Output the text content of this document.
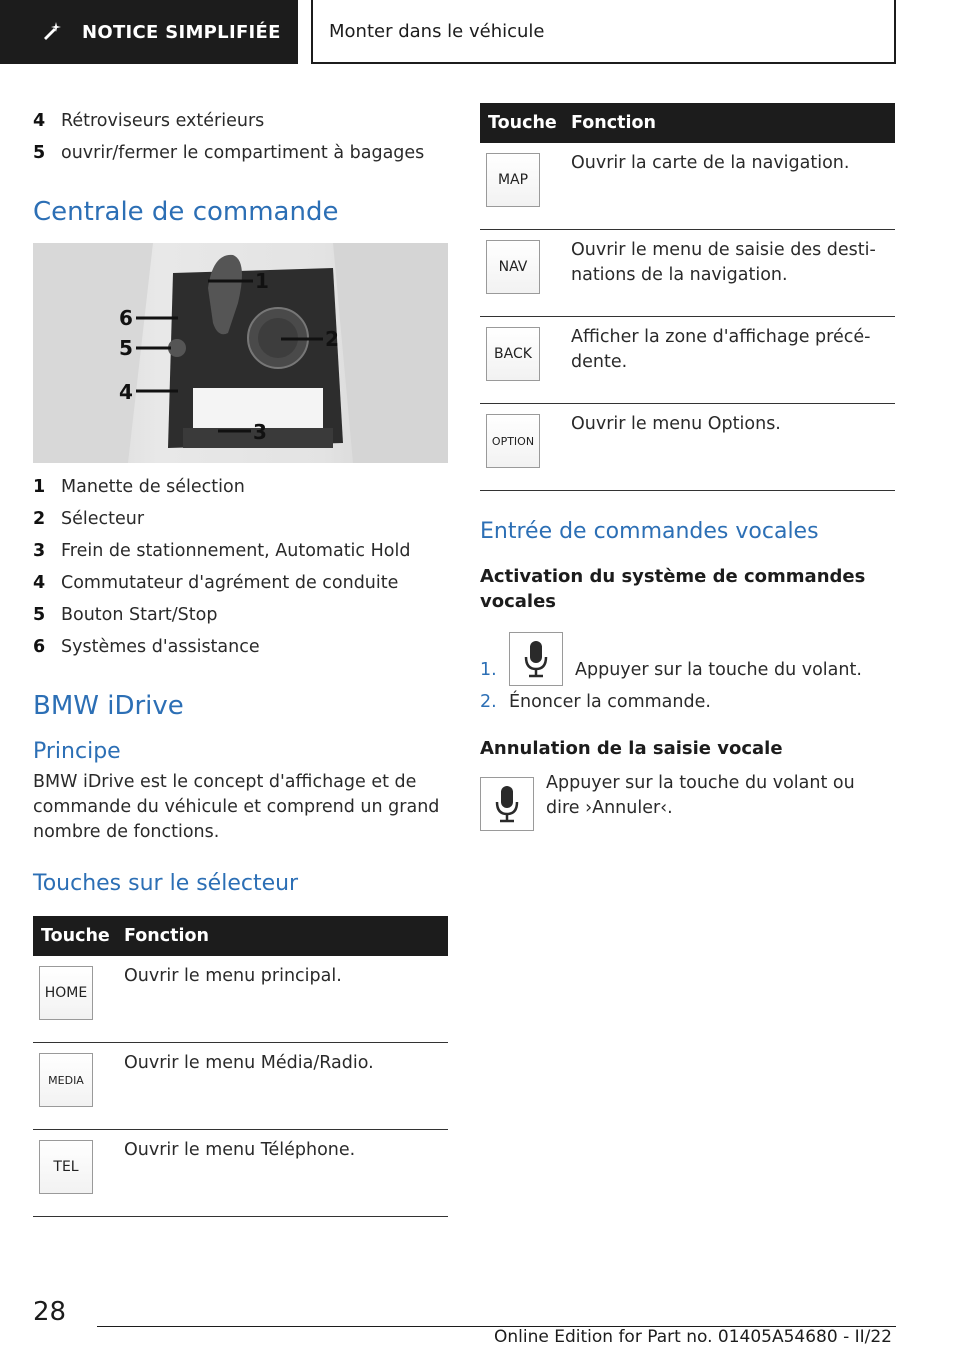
NOTICE SIMPLIFIÉE	Monter dans le véhicule
4 Rétroviseurs extérieurs
5 ouvrir/fermer le compartiment à bagages
Centrale de commande
1
2
3
4
5
6
1 Manette de sélection
2 Sélecteur
3 Frein de stationnement, Automatic Hold
4 Commutateur d'agrément de conduite
5 Bouton Start/Stop
6 Systèmes d'assistance
BMW iDrive
Principe

BMW iDrive est le concept d'affichage et de commande du véhicule et comprend un grand nombre de fonctions.

Touches sur le sélecteur
Touche	Fonction

HOME	Ouvrir le menu principal.

MEDIA	Ouvrir le menu Média/Radio.

TEL	Ouvrir le menu Téléphone.
Touche	Fonction

MAP	Ouvrir la carte de la navigation.

NAV	Ouvrir le menu de saisie des desti-nations de la navigation.

BACK	Afficher la zone d'affichage précé-dente.

OPTION	Ouvrir le menu Options.
Entrée de commandes vocales

Activation du système de commandes vocales

1.	Appuyer sur la touche du volant.
2. Énoncer la commande.

Annulation de la saisie vocale

Appuyer sur la touche du volant ou dire ›Annuler‹.

28
Online Edition for Part no. 01405A54680 - II/22
